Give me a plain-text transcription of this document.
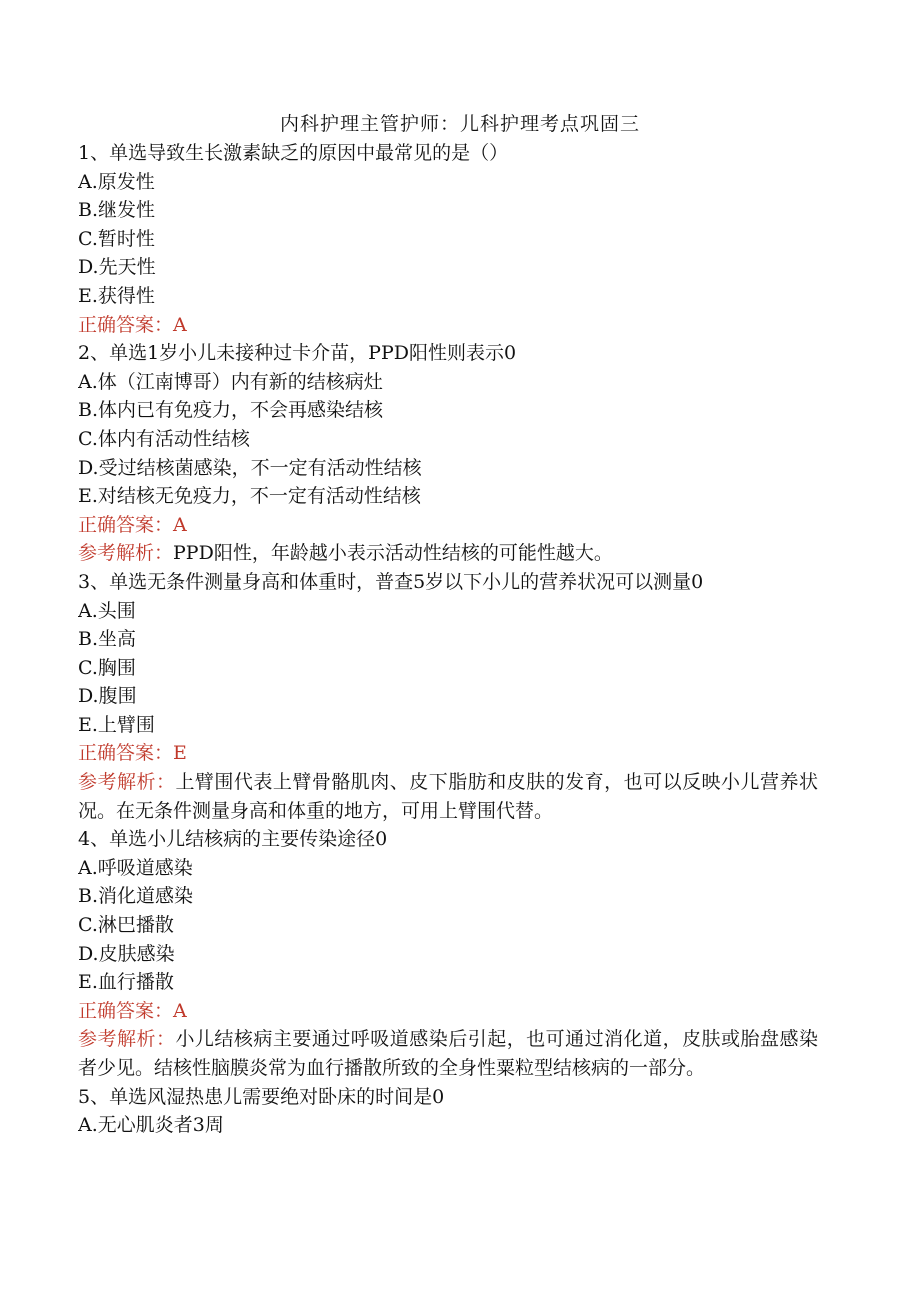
内科护理主管护师：儿科护理考点巩固三
1、单选导致生长激素缺乏的原因中最常见的是（）
A.原发性
B.继发性
C.暂时性
D.先天性
E.获得性
正确答案：A
2、单选1岁小儿未接种过卡介苗，PPD阳性则表示0
A.体（江南博哥）内有新的结核病灶
B.体内已有免疫力，不会再感染结核
C.体内有活动性结核
D.受过结核菌感染，不一定有活动性结核
E.对结核无免疫力，不一定有活动性结核
正确答案：A
参考解析：PPD阳性，年龄越小表示活动性结核的可能性越大。
3、单选无条件测量身高和体重时，普查5岁以下小儿的营养状况可以测量0
A.头围
B.坐高
C.胸围
D.腹围
E.上臂围
正确答案：E
参考解析：上臂围代表上臂骨骼肌肉、皮下脂肪和皮肤的发育，也可以反映小儿营养状况。在无条件测量身高和体重的地方，可用上臂围代替。
4、单选小儿结核病的主要传染途径0
A.呼吸道感染
B.消化道感染
C.淋巴播散
D.皮肤感染
E.血行播散
正确答案：A
参考解析：小儿结核病主要通过呼吸道感染后引起，也可通过消化道，皮肤或胎盘感染者少见。结核性脑膜炎常为血行播散所致的全身性粟粒型结核病的一部分。
5、单选风湿热患儿需要绝对卧床的时间是0
A.无心肌炎者3周
